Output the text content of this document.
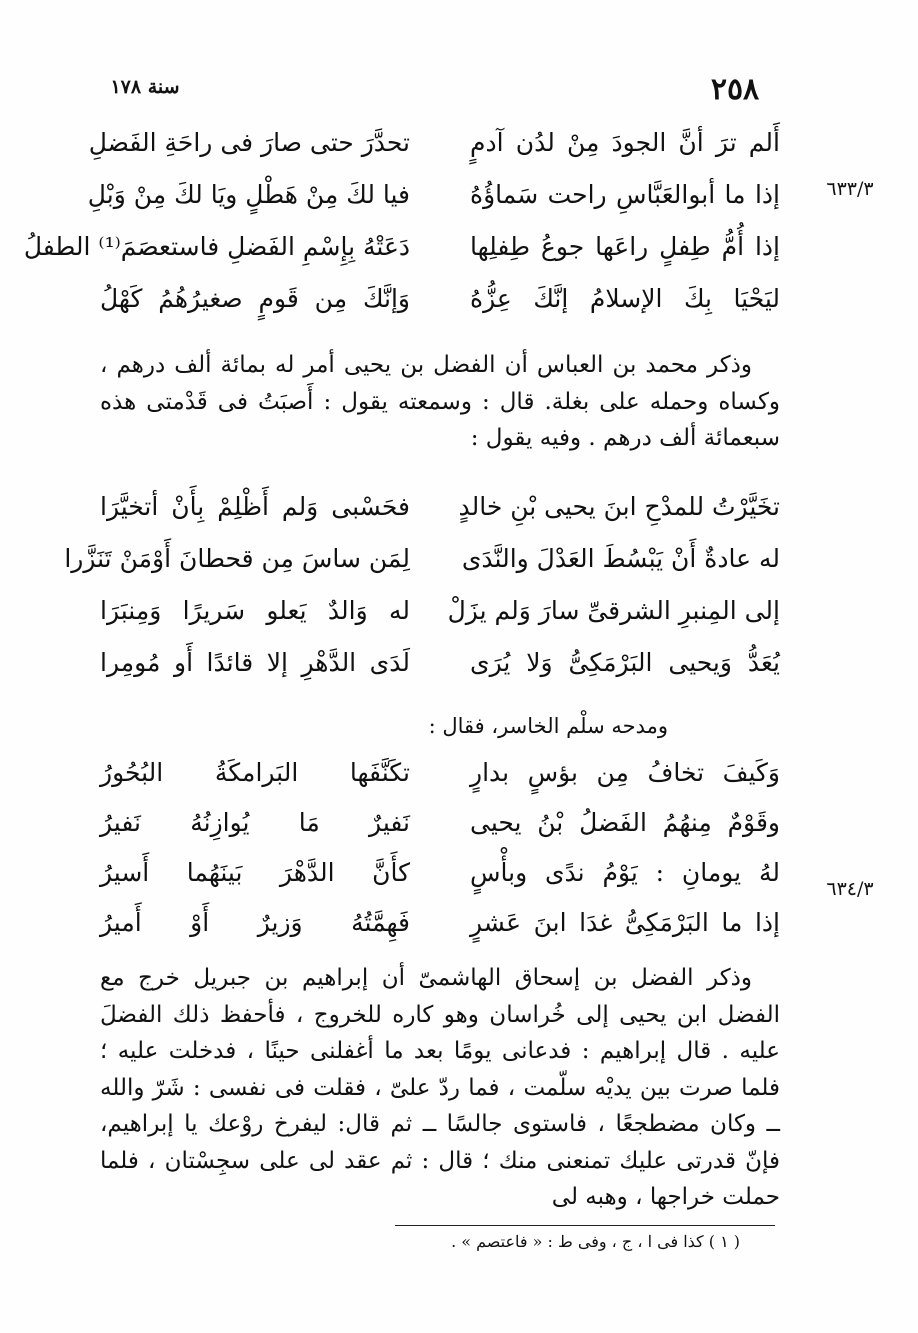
٢٥٨
سنة ١٧٨
٦٣٣/٣
٦٣٤/٣
أَلم ترَ أنَّ الجودَ مِنْ لدُن آدمٍ
تحدَّرَ حتى صارَ فى راحَةِ الفَضلِ
إذا ما أبوالعَبَّاسِ راحت سَماؤُهُ
فيا لكَ مِنْ هَطْلٍ ويَا لكَ مِنْ وَبْلِ
إذا أُمُّ طِفلٍ راعَها جوعُ طِفلِها
دَعَتْهُ بِإِسْمِ الفَضلِ فاستعصَمَ⁽¹⁾ الطفلُ
ليَحْيَا بِكَ الإسلامُ إنَّكَ عِزُّهُ
وَإنَّكَ مِن قَومٍ صغيرُهُمُ كَهْلُ

وذكر محمد بن العباس أن الفضل بن يحيى أمر له بمائة ألف درهم ، وكساه وحمله على بغلة. قال : وسمعته يقول : أَصبَتُ فى قَدْمتى هذه سبعمائة ألف درهم . وفيه يقول :

تخَيَّرْتُ للمدْحِ ابنَ يحيى بْنِ خالدٍ
فحَسْبى وَلم أَظْلِمْ بِأَنْ أتخيَّرَا
له عادةٌ أَنْ يَبْسُطَ العَدْلَ والنَّدَى
لِمَن ساسَ مِن قحطانَ أَوْمَنْ تَنَزَّرا
إلى المِنبرِ الشرقىِّ سارَ وَلم يزَلْ
له وَالدٌ يَعلو سَريرًا وَمِنبَرَا
يُعَدُّ وَيحيى البَرْمَكِىُّ وَلا يُرَى
لَدَى الدَّهْرِ إلا قائدًا أَو مُومِرا
ومدحه سلْم الخاسر، فقال :
وَكَيفَ تخافُ مِن بؤسٍ بدارٍ
تكَنَّفَها البَرامكَةُ البُحُورُ
وقَوْمٌ مِنهُمُ الفَضلُ بْنُ يحيى
نَفيرٌ مَا يُوازِنُهُ نَفيرُ
لهُ يومانِ : يَوْمُ ندًى وبأْسٍ
كأَنَّ الدَّهْرَ بَينَهُما أَسيرُ
إذا ما البَرْمَكِىُّ غدَا ابنَ عَشرٍ
فَهِمَّتُهُ وَزيرٌ أَوْ أَميرُ

وذكر الفضل بن إسحاق الهاشمىّ أن إبراهيم بن جبريل خرج مع الفضل ابن يحيى إلى خُراسان وهو كاره للخروج ، فأحفظ ذلك الفضلَ عليه . قال إبراهيم : فدعانى يومًا بعد ما أغفلنى حينًا ، فدخلت عليه ؛ فلما صرت بين يديْه سلّمت ، فما ردّ علىّ ، فقلت فى نفسى : شَرّ والله ــ وكان مضطجعًا ، فاستوى جالسًا ــ ثم قال: ليفرخ روْعك يا إبراهيم، فإنّ قدرتى عليك تمنعنى منك ؛ قال : ثم عقد لى على سجِسْتان ، فلما حملت خراجها ، وهبه لى

( ١ ) كذا فى ا ، ج ، وفى ط : « فاعتصم » .
